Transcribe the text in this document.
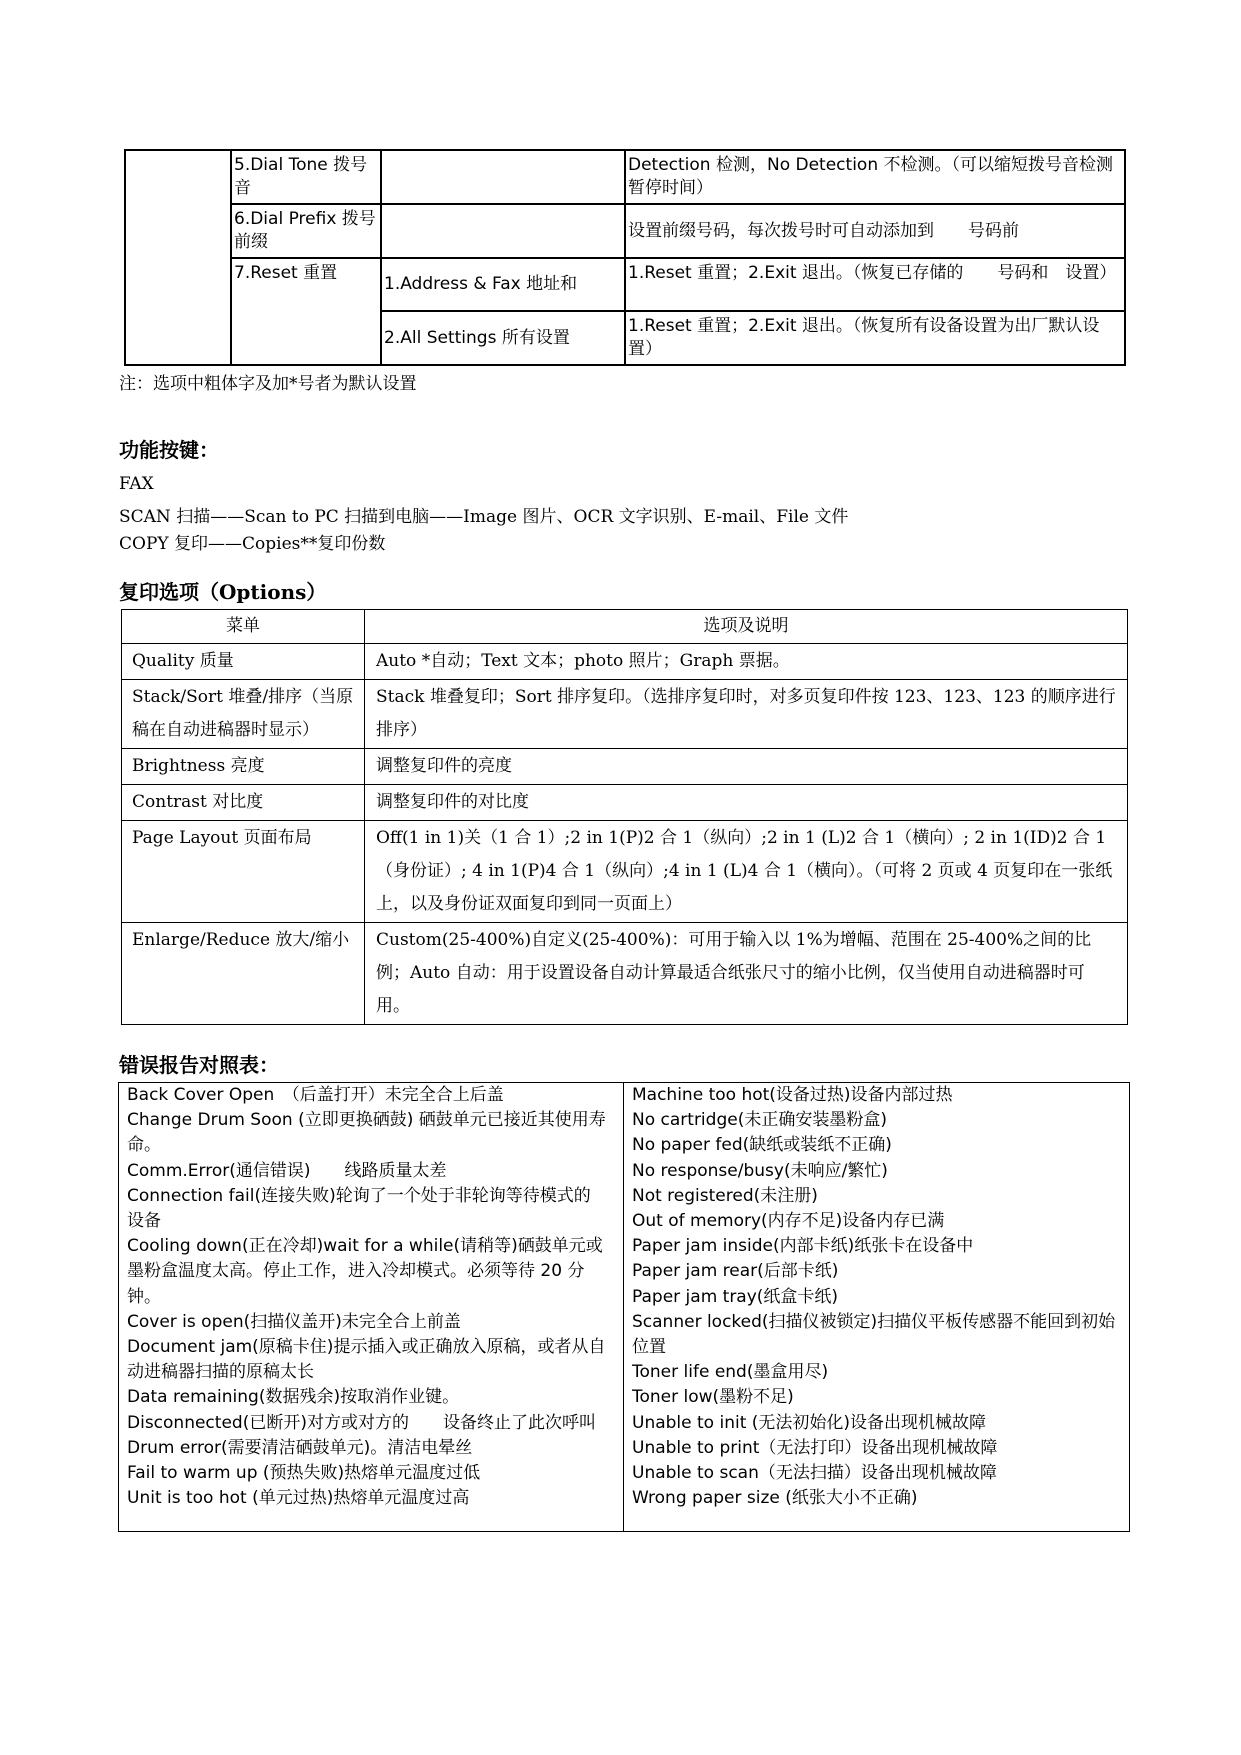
	5.Dial Tone 拨号音		Detection 检测，No Detection 不检测。（可以缩短拨号音检测暂停时间）
	6.Dial Prefix 拨号前缀		设置前缀号码，每次拨号时可自动添加到　　号码前
	7.Reset 重置	1.Address & Fax 地址和	1.Reset 重置；2.Exit 退出。（恢复已存储的　　号码和　设置）
		2.All Settings 所有设置	1.Reset 重置；2.Exit 退出。（恢复所有设备设置为出厂默认设置）
注：选项中粗体字及加*号者为默认设置
功能按键：
FAX
SCAN 扫描——Scan to PC 扫描到电脑——Image 图片、OCR 文字识别、E-mail、File 文件
COPY 复印——Copies**复印份数
复印选项（Options）
菜单	选项及说明
Quality 质量	Auto *自动；Text 文本；photo 照片；Graph 票据。
Stack/Sort 堆叠/排序（当原稿在自动进稿器时显示）	Stack 堆叠复印；Sort 排序复印。（选排序复印时，对多页复印件按 123、123、123 的顺序进行排序）
Brightness 亮度	调整复印件的亮度
Contrast 对比度	调整复印件的对比度
Page Layout 页面布局	Off(1 in 1)关（1 合 1）;2 in 1(P)2 合 1（纵向）;2 in 1 (L)2 合 1（横向）; 2 in 1(ID)2 合 1（身份证）; 4 in 1(P)4 合 1（纵向）;4 in 1 (L)4 合 1（横向）。（可将 2 页或 4 页复印在一张纸上，以及身份证双面复印到同一页面上）
Enlarge/Reduce 放大/缩小	Custom(25-400%)自定义(25-400%)：可用于输入以 1%为增幅、范围在 25-400%之间的比例；Auto 自动：用于设置设备自动计算最适合纸张尺寸的缩小比例，仅当使用自动进稿器时可用。
错误报告对照表：
Back Cover Open　（后盖打开）未完全合上后盖
Change Drum Soon (立即更换硒鼓) 硒鼓单元已接近其使用寿命。
Comm.Error(通信错误)　　线路质量太差
Connection fail(连接失败)轮询了一个处于非轮询等待模式的　　设备
Cooling down(正在冷却)wait for a while(请稍等)硒鼓单元或墨粉盒温度太高。停止工作，进入冷却模式。必须等待 20 分钟。
Cover is open(扫描仪盖开)未完全合上前盖
Document jam(原稿卡住)提示插入或正确放入原稿，或者从自动进稿器扫描的原稿太长
Data remaining(数据残余)按取消作业键。
Disconnected(已断开)对方或对方的　　设备终止了此次呼叫
Drum error(需要清洁硒鼓单元)。清洁电晕丝
Fail to warm up (预热失败)热熔单元温度过低
Unit is too hot (单元过热)热熔单元温度过高

Machine too hot(设备过热)设备内部过热
No cartridge(未正确安装墨粉盒)
No paper fed(缺纸或装纸不正确)
No response/busy(未响应/繁忙)
Not registered(未注册)
Out of memory(内存不足)设备内存已满
Paper jam inside(内部卡纸)纸张卡在设备中
Paper jam rear(后部卡纸)
Paper jam tray(纸盒卡纸)
Scanner locked(扫描仪被锁定)扫描仪平板传感器不能回到初始位置
Toner life end(墨盒用尽)
Toner low(墨粉不足)
Unable to init (无法初始化)设备出现机械故障
Unable to print（无法打印）设备出现机械故障
Unable to scan（无法扫描）设备出现机械故障
Wrong paper size (纸张大小不正确)
